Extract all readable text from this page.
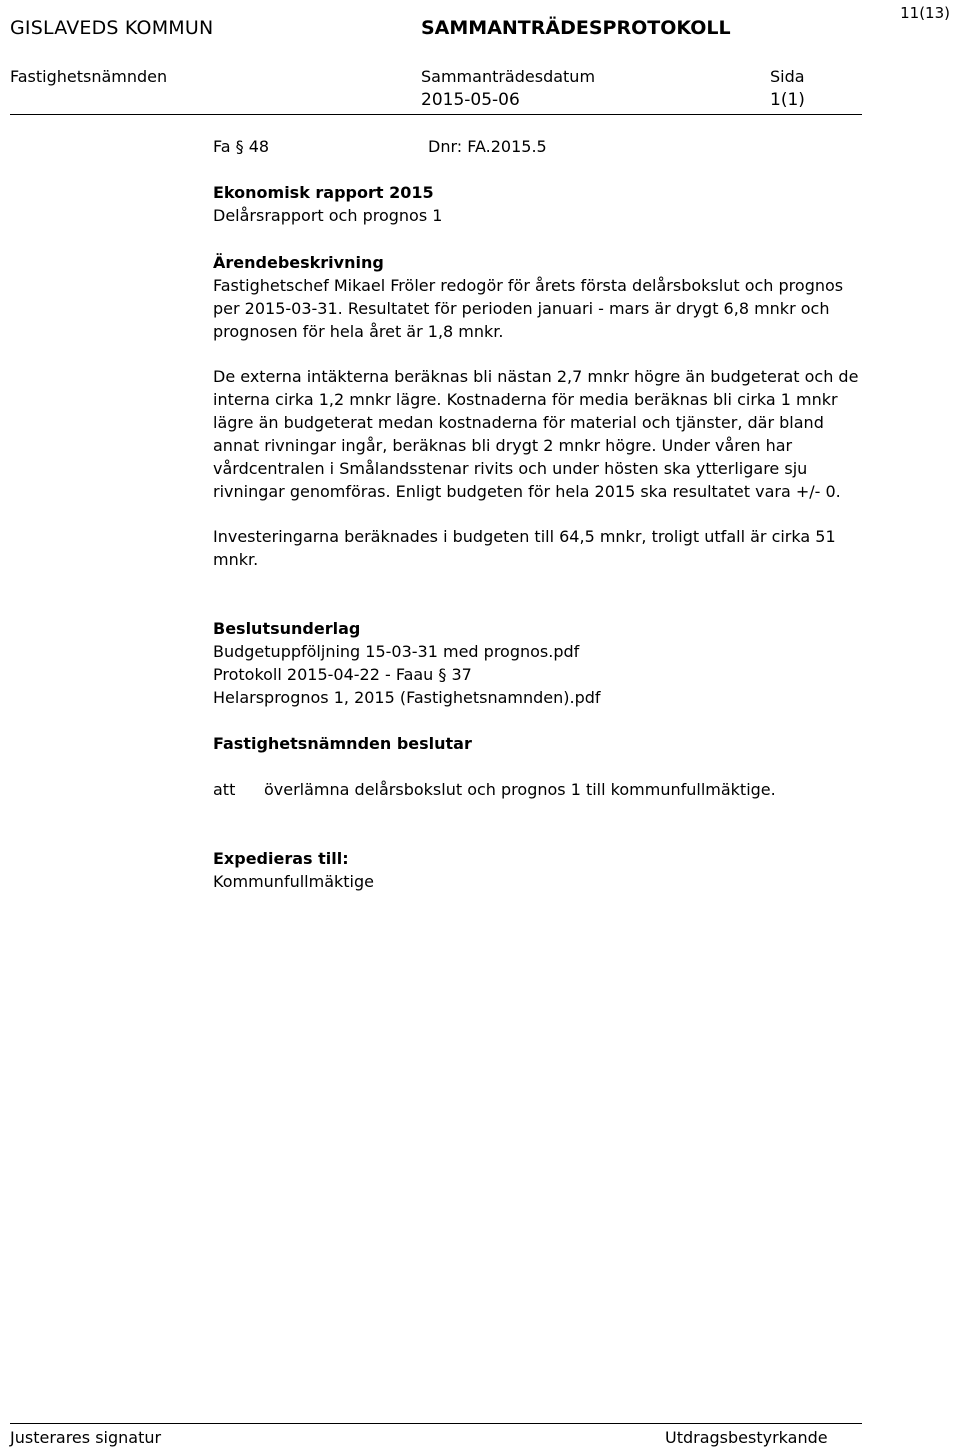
GISLAVEDS KOMMUN	SAMMANTRÄDESPROTOKOLL
11(13)
Fastighetsnämnden	Sammanträdesdatum
2015-05-06
Sida
1(1)
Fa § 48	Dnr: FA.2015.5
Ekonomisk rapport 2015
Delårsrapport och prognos 1
Ärendebeskrivning

Fastighetschef Mikael Fröler redogör för årets första delårsbokslut och prognos per 2015-03-31. Resultatet för perioden januari - mars är drygt 6,8 mnkr och prognosen för hela året är 1,8 mnkr.

De externa intäkterna beräknas bli nästan 2,7 mnkr högre än budgeterat och de interna cirka 1,2 mnkr lägre. Kostnaderna för media beräknas bli cirka 1 mnkr lägre än budgeterat medan kostnaderna för material och tjänster, där bland annat rivningar ingår, beräknas bli drygt 2 mnkr högre. Under våren har vårdcentralen i Smålandsstenar rivits och under hösten ska ytterligare sju rivningar genomföras. Enligt budgeten för hela 2015 ska resultatet vara +/- 0.

Investeringarna beräknades i budgeten till 64,5 mnkr, troligt utfall är cirka 51 mnkr.

Beslutsunderlag
Budgetuppföljning 15-03-31 med prognos.pdf
Protokoll 2015-04-22 - Faau § 37
Helarsprognos 1, 2015 (Fastighetsnamnden).pdf
Fastighetsnämnden beslutar
att överlämna delårsbokslut och prognos 1 till kommunfullmäktige.
Expedieras till:
Kommunfullmäktige
Justerares signatur	Utdragsbestyrkande
